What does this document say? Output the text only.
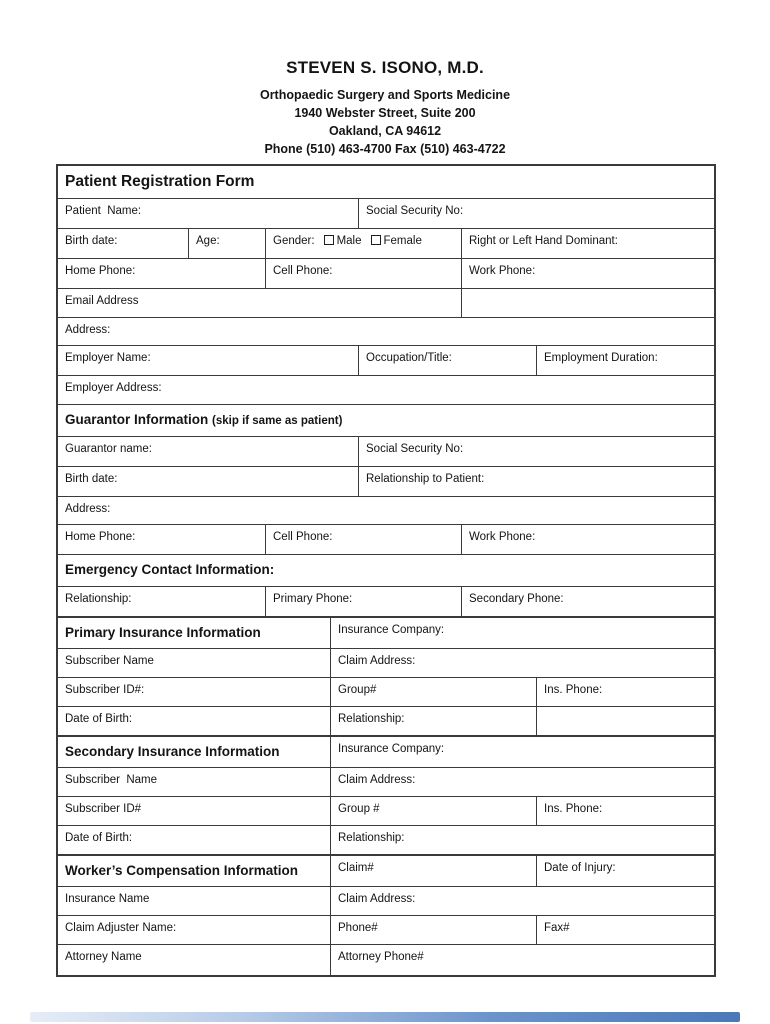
STEVEN S. ISONO, M.D.
Orthopaedic Surgery and Sports Medicine
1940 Webster Street, Suite 200
Oakland, CA 94612
Phone (510) 463-4700 Fax (510) 463-4722
Patient Registration Form
Patient  Name:	Social Security No:
Birth date:	Age:	Gender: Male Female	Right or Left Hand Dominant:
Home Phone:	Cell Phone:	Work Phone:
Email Address
Address:
Employer Name:	Occupation/Title:	Employment Duration:
Employer Address:
Guarantor Information (skip if same as patient)
Guarantor name:	Social Security No:
Birth date:	Relationship to Patient:
Address:
Home Phone:	Cell Phone:	Work Phone:
Emergency Contact Information:
Relationship:	Primary Phone:	Secondary Phone:
Primary Insurance Information	Insurance Company:
Subscriber Name	Claim Address:
Subscriber ID#:	Group#	Ins. Phone:
Date of Birth:	Relationship:
Secondary Insurance Information	Insurance Company:
Subscriber  Name	Claim Address:
Subscriber ID#	Group #	Ins. Phone:
Date of Birth:	Relationship:
Worker’s Compensation Information	Claim#	Date of Injury:
Insurance Name	Claim Address:
Claim Adjuster Name:	Phone#	Fax#
Attorney Name	Attorney Phone#
